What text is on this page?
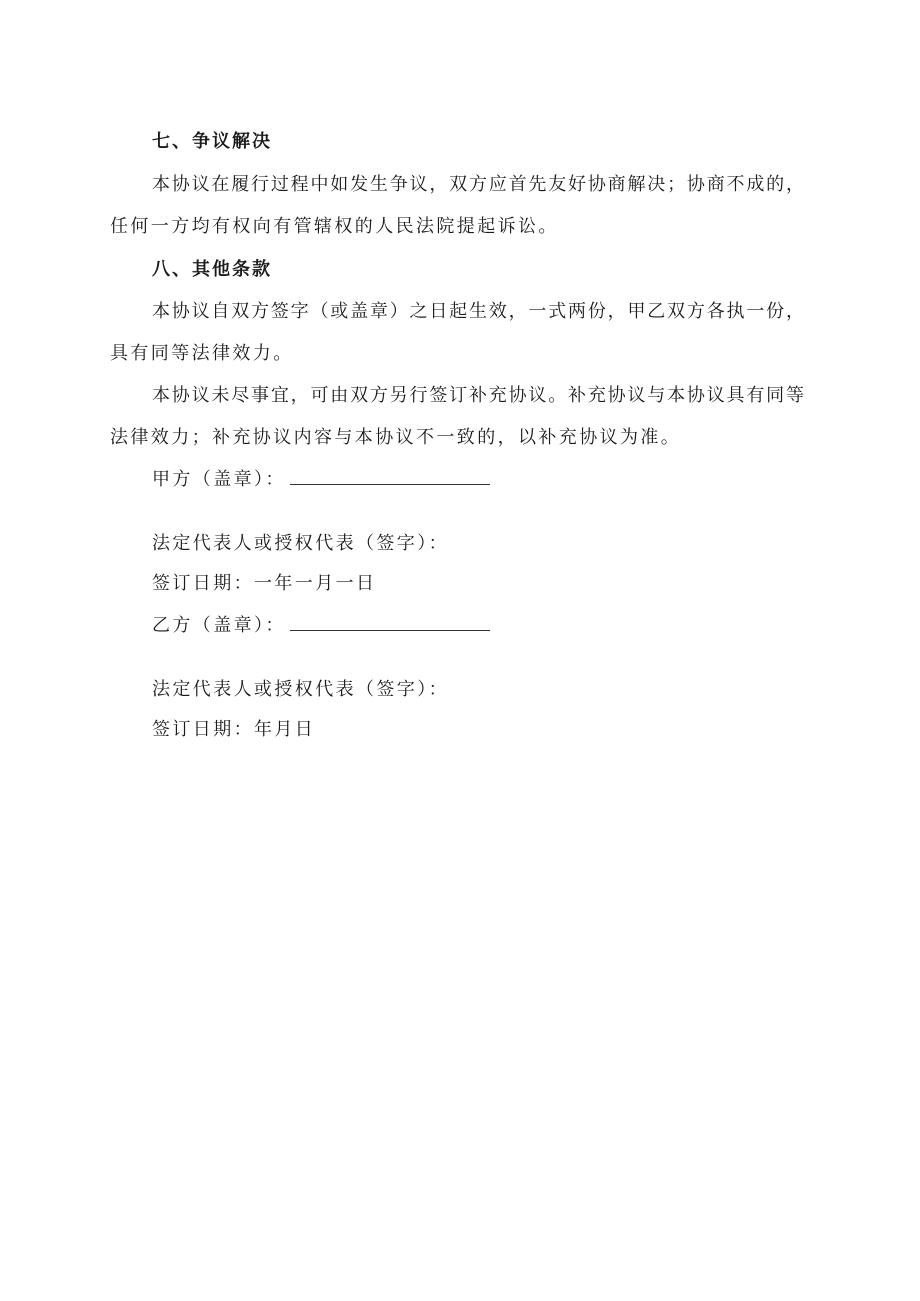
七、争议解决
本协议在履行过程中如发生争议，双方应首先友好协商解决；协商不成的，
任何一方均有权向有管辖权的人民法院提起诉讼。
八、其他条款
本协议自双方签字（或盖章）之日起生效，一式两份，甲乙双方各执一份，
具有同等法律效力。
本协议未尽事宜，可由双方另行签订补充协议。补充协议与本协议具有同等
法律效力；补充协议内容与本协议不一致的，以补充协议为准。
甲方（盖章）：
法定代表人或授权代表（签字）：
签订日期：一年一月一日
乙方（盖章）：
法定代表人或授权代表（签字）：
签订日期：年月日
